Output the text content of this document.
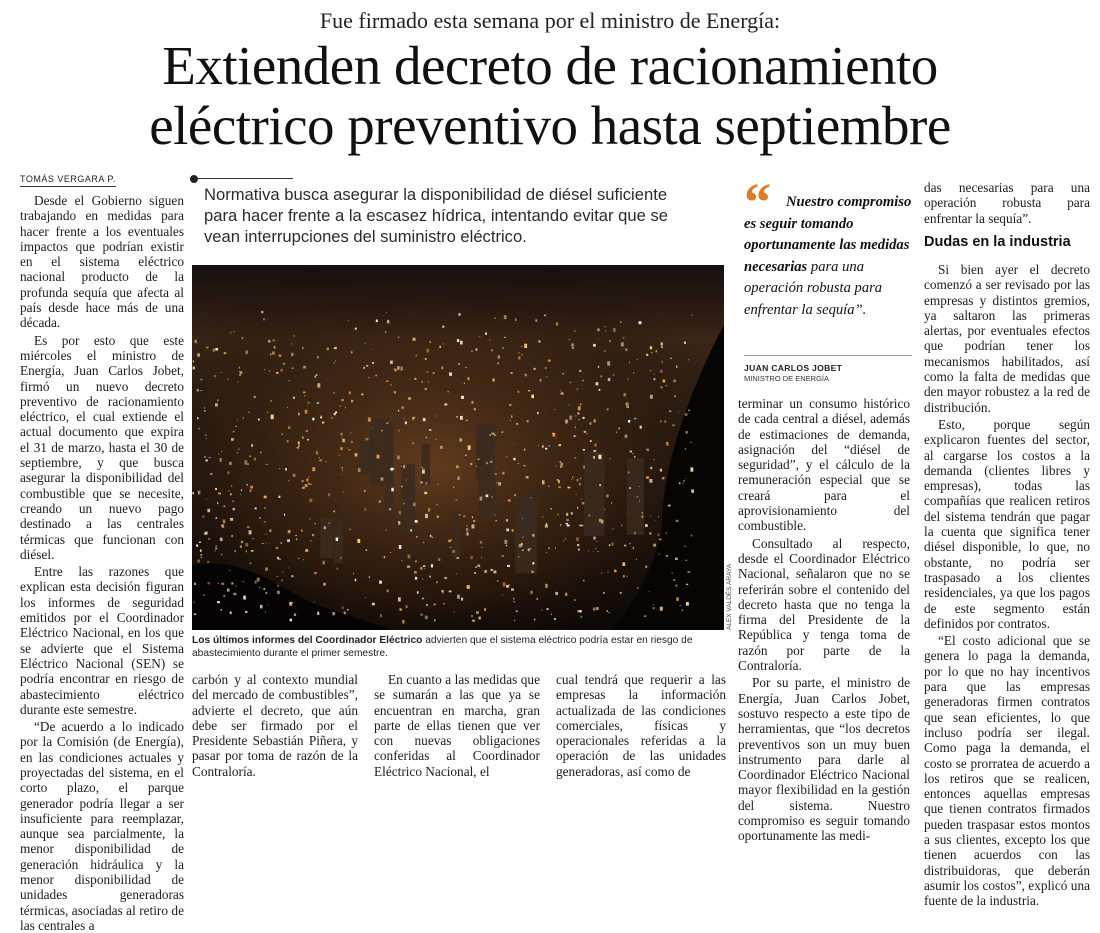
Fue firmado esta semana por el ministro de Energía:
Extienden decreto de racionamiento
eléctrico preventivo hasta septiembre
TOMÁS VERGARA P.

Desde el Gobierno siguen trabajando en medidas para hacer frente a los eventuales impactos que podrían existir en el sistema eléctrico nacional producto de la profunda sequía que afecta al país desde hace más de una década.

Es por esto que este miércoles el ministro de Energía, Juan Carlos Jobet, firmó un nuevo decreto preventivo de racionamiento eléctrico, el cual extiende el actual documento que expira el 31 de marzo, hasta el 30 de septiembre, y que busca asegurar la disponibilidad del combustible que se necesite, creando un nuevo pago destinado a las centrales térmicas que funcionan con diésel.

Entre las razones que explican esta decisión figuran los informes de seguridad emitidos por el Coordinador Eléctrico Nacional, en los que se advierte que el Sistema Eléctrico Nacional (SEN) se podría encontrar en riesgo de abastecimiento eléctrico durante este semestre.

“De acuerdo a lo indicado por la Comisión (de Energía), en las condiciones actuales y proyectadas del sistema, en el corto plazo, el parque generador podría llegar a ser insuficiente para reemplazar, aunque sea parcialmente, la menor disponibilidad de generación hidráulica y la menor disponibilidad de unidades generadoras térmicas, asociadas al retiro de las centrales a

Normativa busca asegurar la disponibilidad de diésel suficiente para hacer frente a la escasez hídrica, intentando evitar que se vean interrupciones del suministro eléctrico.
ALEX VALDÉS ARAYA
Los últimos informes del Coordinador Eléctrico advierten que el sistema eléctrico podría estar en riesgo de abastecimiento durante el primer semestre.

carbón y al contexto mundial del mercado de combustibles”, advierte el decreto, que aún debe ser firmado por el Presidente Sebastián Piñera, y pasar por toma de razón de la Contraloría.

En cuanto a las medidas que se sumarán a las que ya se encuentran en marcha, gran parte de ellas tienen que ver con nuevas obligaciones conferidas al Coordinador Eléctrico Nacional, el

cual tendrá que requerir a las empresas la información actualizada de las condiciones comerciales, físicas y operacionales referidas a la operación de las unidades generadoras, así como de

“	Nuestro compromiso es seguir tomando oportunamente las medidas necesarias para una operación robusta para enfrentar la sequía”.
JUAN CARLOS JOBET
MINISTRO DE ENERGÍA

terminar un consumo histórico de cada central a diésel, además de estimaciones de demanda, asignación del “diésel de seguridad”, y el cálculo de la remuneración especial que se creará para el aprovisionamiento del combustible.

Consultado al respecto, desde el Coordinador Eléctrico Nacional, señalaron que no se referirán sobre el contenido del decreto hasta que no tenga la firma del Presidente de la República y tenga toma de razón por parte de la Contraloría.

Por su parte, el ministro de Energía, Juan Carlos Jobet, sostuvo respecto a este tipo de herramientas, que “los decretos preventivos son un muy buen instrumento para darle al Coordinador Eléctrico Nacional mayor flexibilidad en la gestión del sistema. Nuestro compromiso es seguir tomando oportunamente las medi-

das necesarias para una operación robusta para enfrentar la sequía”.

Dudas en la industria

Si bien ayer el decreto comenzó a ser revisado por las empresas y distintos gremios, ya saltaron las primeras alertas, por eventuales efectos que podrían tener los mecanismos habilitados, así como la falta de medidas que den mayor robustez a la red de distribución.

Esto, porque según explicaron fuentes del sector, al cargarse los costos a la demanda (clientes libres y empresas), todas las compañías que realicen retiros del sistema tendrán que pagar la cuenta que significa tener diésel disponible, lo que, no obstante, no podría ser traspasado a los clientes residenciales, ya que los pagos de este segmento están definidos por contratos.

“El costo adicional que se genera lo paga la demanda, por lo que no hay incentivos para que las empresas generadoras firmen contratos que sean eficientes, lo que incluso podría ser ilegal. Como paga la demanda, el costo se prorratea de acuerdo a los retiros que se realicen, entonces aquellas empresas que tienen contratos firmados pueden traspasar estos montos a sus clientes, excepto los que tienen acuerdos con las distribuidoras, que deberán asumir los costos”, explicó una fuente de la industria.
